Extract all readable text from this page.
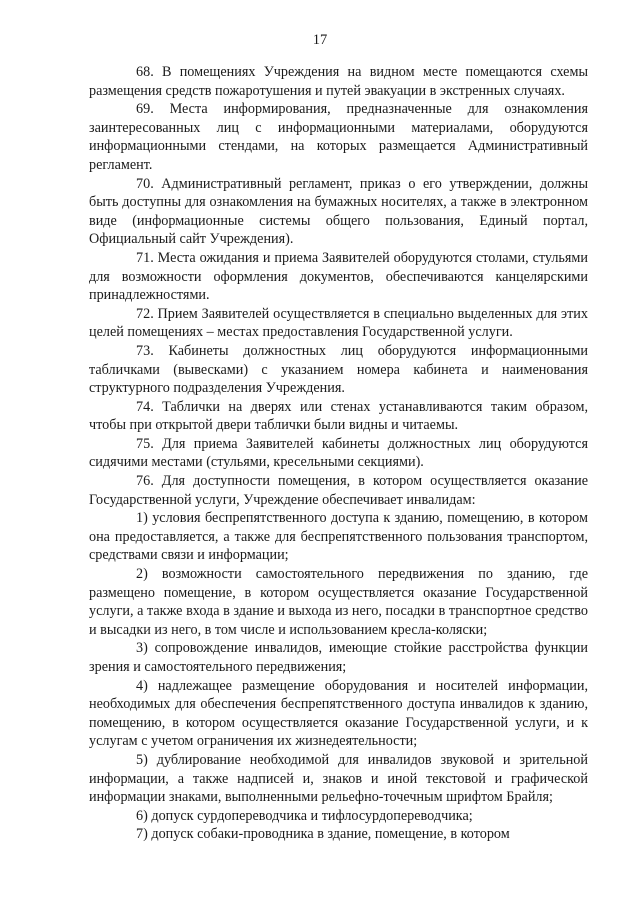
17

68. В помещениях Учреждения на видном месте помещаются схемы размещения средств пожаротушения и путей эвакуации в экстренных случаях.

69. Места информирования, предназначенные для ознакомления заинтересованных лиц с информационными материалами, оборудуются информационными стендами, на которых размещается Административный регламент.

70. Административный регламент, приказ о его утверждении, должны быть доступны для ознакомления на бумажных носителях, а также в электронном виде (информационные системы общего пользования, Единый портал, Официальный сайт Учреждения).

71. Места ожидания и приема Заявителей оборудуются столами, стульями для возможности оформления документов, обеспечиваются канцелярскими принадлежностями.

72. Прием Заявителей осуществляется в специально выделенных для этих целей помещениях – местах предоставления Государственной услуги.

73. Кабинеты должностных лиц оборудуются информационными табличками (вывесками) с указанием номера кабинета и наименования структурного подразделения Учреждения.

74. Таблички на дверях или стенах устанавливаются таким образом, чтобы при открытой двери таблички были видны и читаемы.

75. Для приема Заявителей кабинеты должностных лиц оборудуются сидячими местами (стульями, кресельными секциями).

76. Для доступности помещения, в котором осуществляется оказание Государственной услуги, Учреждение обеспечивает инвалидам:

1) условия беспрепятственного доступа к зданию, помещению, в котором она предоставляется, а также для беспрепятственного пользования транспортом, средствами связи и информации;

2) возможности самостоятельного передвижения по зданию, где размещено помещение, в котором осуществляется оказание Государственной услуги, а также входа в здание и выхода из него, посадки в транспортное средство и высадки из него, в том числе и использованием кресла-коляски;

3) сопровождение инвалидов, имеющие стойкие расстройства функции зрения и самостоятельного передвижения;

4) надлежащее размещение оборудования и носителей информации, необходимых для обеспечения беспрепятственного доступа инвалидов к зданию, помещению, в котором осуществляется оказание Государственной услуги, и к услугам с учетом ограничения их жизнедеятельности;

5) дублирование необходимой для инвалидов звуковой и зрительной информации, а также надписей и, знаков и иной текстовой и графической информации знаками, выполненными рельефно-точечным шрифтом Брайля;

6) допуск сурдопереводчика и тифлосурдопереводчика;

7) допуск собаки-проводника в здание, помещение, в котором
